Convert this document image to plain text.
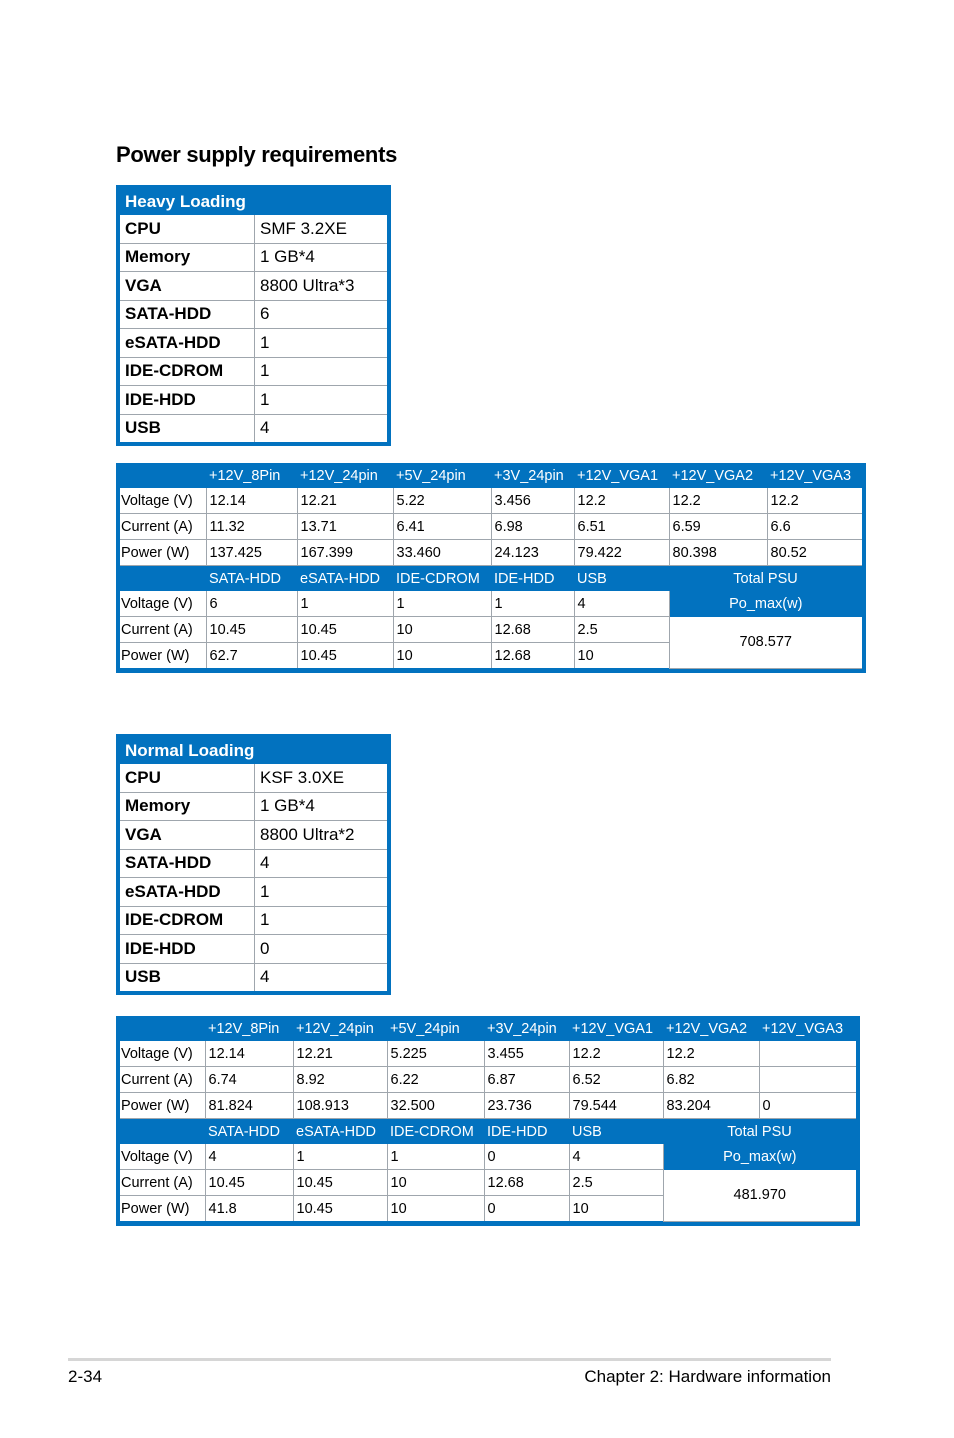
Power supply requirements
Heavy Loading
CPU	SMF 3.2XE
Memory	1 GB*4
VGA	8800 Ultra*3
SATA-HDD	6
eSATA-HDD	1
IDE-CDROM	1
IDE-HDD	1
USB	4
	+12V_8Pin	+12V_24pin	+5V_24pin	+3V_24pin	+12V_VGA1	+12V_VGA2	+12V_VGA3
Voltage (V)	12.14	12.21	5.22	3.456	12.2	12.2	12.2
Current (A)	11.32	13.71	6.41	6.98	6.51	6.59	6.6
Power (W)	137.425	167.399	33.460	24.123	79.422	80.398	80.52
	SATA-HDD	eSATA-HDD	IDE-CDROM	IDE-HDD	USB	Total PSU	
Voltage (V)	6	1	1	1	4	Po_max(w)	
Current (A)	10.45	10.45	10	12.68	2.5	708.577	
Power (W)	62.7	10.45	10	12.68	10		
Normal Loading
CPU	KSF 3.0XE
Memory	1 GB*4
VGA	8800 Ultra*2
SATA-HDD	4
eSATA-HDD	1
IDE-CDROM	1
IDE-HDD	0
USB	4
	+12V_8Pin	+12V_24pin	+5V_24pin	+3V_24pin	+12V_VGA1	+12V_VGA2	+12V_VGA3
Voltage (V)	12.14	12.21	5.225	3.455	12.2	12.2	
Current (A)	6.74	8.92	6.22	6.87	6.52	6.82	
Power (W)	81.824	108.913	32.500	23.736	79.544	83.204	0
	SATA-HDD	eSATA-HDD	IDE-CDROM	IDE-HDD	USB	Total PSU	
Voltage (V)	4	1	1	0	4	Po_max(w)	
Current (A)	10.45	10.45	10	12.68	2.5	481.970	
Power (W)	41.8	10.45	10	0	10		
2-34	Chapter 2: Hardware information
